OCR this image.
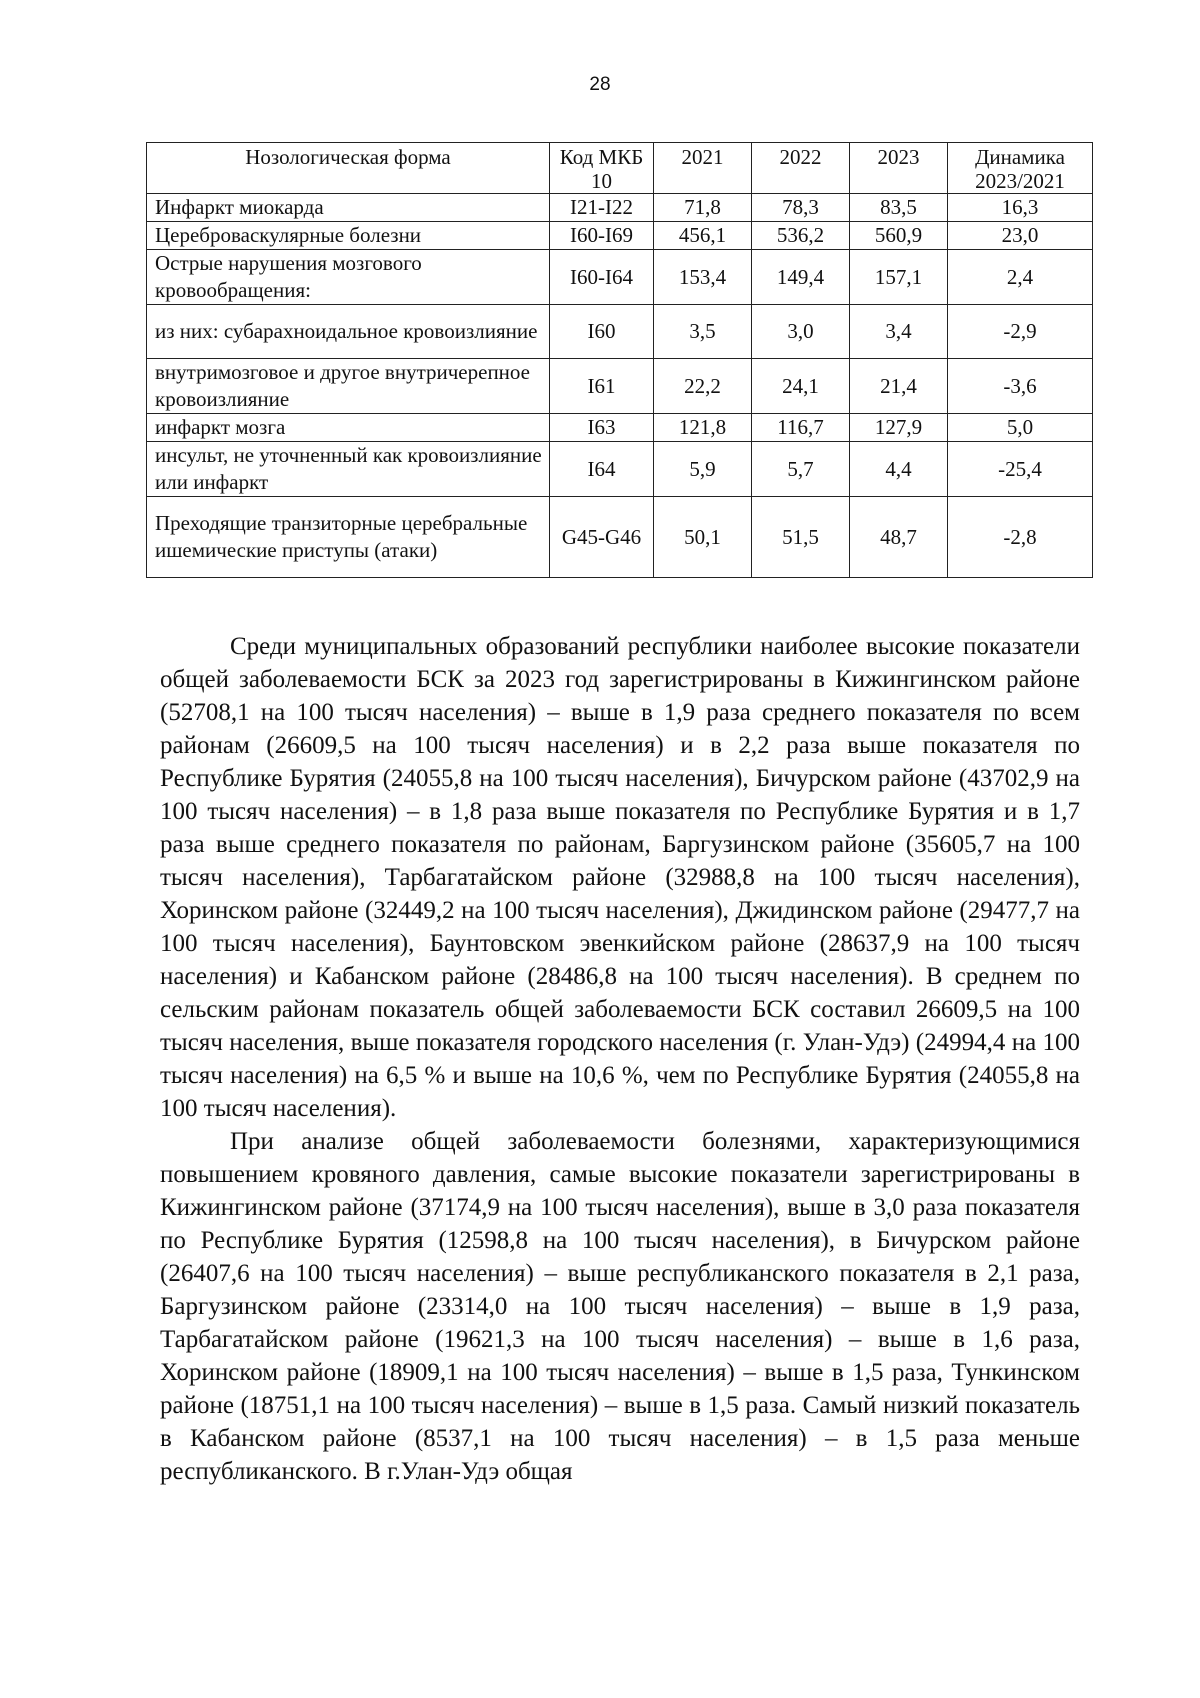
28
Нозологическая форма	Код МКБ 10	2021	2022	2023	Динамика 2023/2021
Инфаркт миокарда	I21-I22	71,8	78,3	83,5	16,3
Цереброваскулярные болезни	I60-I69	456,1	536,2	560,9	23,0
Острые нарушения мозгового кровообращения:	I60-I64	153,4	149,4	157,1	2,4
из них: субарахноидальное кровоизлияние	I60	3,5	3,0	3,4	-2,9
внутримозговое и другое внутричерепное кровоизлияние	I61	22,2	24,1	21,4	-3,6
инфаркт мозга	I63	121,8	116,7	127,9	5,0
инсульт, не уточненный как кровоизлияние или инфаркт	I64	5,9	5,7	4,4	-25,4
Преходящие транзиторные церебральные ишемические приступы (атаки)	G45-G46	50,1	51,5	48,7	-2,8

Среди муниципальных образований республики наиболее высокие показатели общей заболеваемости БСК за 2023 год зарегистрированы в Кижингинском районе (52708,1 на 100 тысяч населения) – выше в 1,9 раза среднего показателя по всем районам (26609,5 на 100 тысяч населения) и в 2,2 раза выше показателя по Республике Бурятия (24055,8 на 100 тысяч населения), Бичурском районе (43702,9 на 100 тысяч населения) – в 1,8 раза выше показателя по Республике Бурятия и в 1,7 раза выше среднего показателя по районам, Баргузинском районе (35605,7 на 100 тысяч населения), Тарбагатайском районе (32988,8 на 100 тысяч населения), Хоринском районе (32449,2 на 100 тысяч населения), Джидинском районе (29477,7 на 100 тысяч населения), Баунтовском эвенкийском районе (28637,9 на 100 тысяч населения) и Кабанском районе (28486,8 на 100 тысяч населения). В среднем по сельским районам показатель общей заболеваемости БСК составил 26609,5 на 100 тысяч населения, выше показателя городского населения (г. Улан-Удэ) (24994,4 на 100 тысяч населения) на 6,5 % и выше на 10,6 %, чем по Республике Бурятия (24055,8 на 100 тысяч населения).

При анализе общей заболеваемости болезнями, характеризующимися повышением кровяного давления, самые высокие показатели зарегистрированы в Кижингинском районе (37174,9 на 100 тысяч населения), выше в 3,0 раза показателя по Республике Бурятия (12598,8 на 100 тысяч населения), в Бичурском районе (26407,6 на 100 тысяч населения) – выше республиканского показателя в 2,1 раза, Баргузинском районе (23314,0 на 100 тысяч населения) – выше в 1,9 раза, Тарбагатайском районе (19621,3 на 100 тысяч населения) – выше в 1,6 раза, Хоринском районе (18909,1 на 100 тысяч населения) – выше в 1,5 раза, Тункинском районе (18751,1 на 100 тысяч населения) – выше в 1,5 раза. Самый низкий показатель в Кабанском районе (8537,1 на 100 тысяч населения) – в 1,5 раза меньше республиканского. В г.Улан-Удэ общая
